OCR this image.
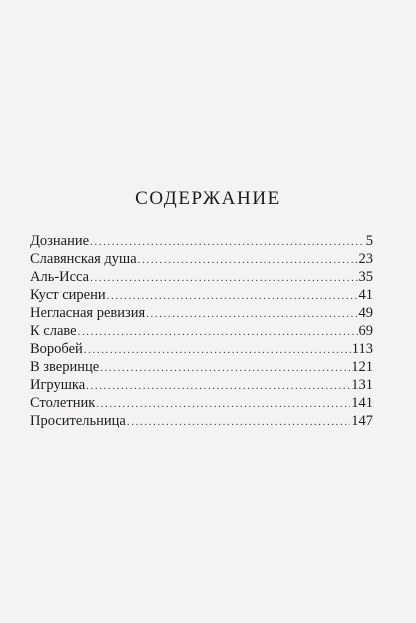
СОДЕРЖАНИЕ
Дознание .....	5
Славянская душа .....	23
Аль-Исса .....	35
Куст сирени .....	41
Негласная ревизия .....	49
К славе .....	69
Воробей .....	113
В зверинце .....	121
Игрушка .....	131
Столетник .....	141
Просительница .....	147
